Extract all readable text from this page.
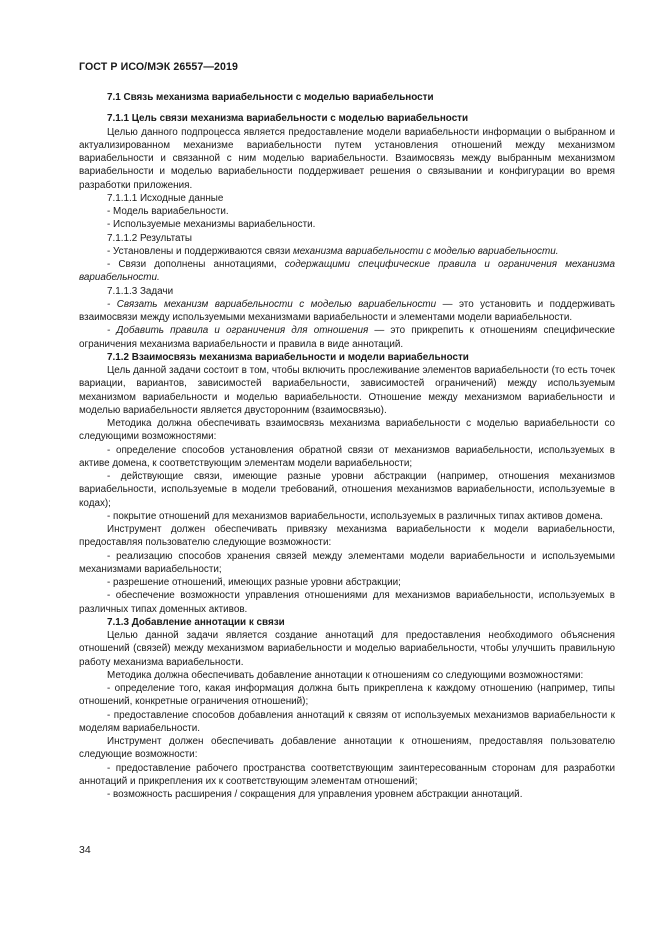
ГОСТ Р ИСО/МЭК 26557—2019

7.1 Связь механизма вариабельности с моделью вариабельности

7.1.1 Цель связи механизма вариабельности с моделью вариабельности

Целью данного подпроцесса является предоставление модели вариабельности информации о выбранном и актуализированном механизме вариабельности путем установления отношений между механизмом вариабельности и связанной с ним моделью вариабельности. Взаимосвязь между выбранным механизмом вариабельности и моделью вариабельности поддерживает решения о связывании и конфигурации во время разработки приложения.

7.1.1.1 Исходные данные

- Модель вариабельности.

- Используемые механизмы вариабельности.

7.1.1.2 Результаты

- Установлены и поддерживаются связи механизма вариабельности с моделью вариабельности.

- Связи дополнены аннотациями, содержащими специфические правила и ограничения механизма вариабельности.

7.1.1.3 Задачи

- Связать механизм вариабельности с моделью вариабельности — это установить и поддерживать взаимосвязи между используемыми механизмами вариабельности и элементами модели вариабельности.

- Добавить правила и ограничения для отношения — это прикрепить к отношениям специфические ограничения механизма вариабельности и правила в виде аннотаций.

7.1.2 Взаимосвязь механизма вариабельности и модели вариабельности

Цель данной задачи состоит в том, чтобы включить прослеживание элементов вариабельности (то есть точек вариации, вариантов, зависимостей вариабельности, зависимостей ограничений) между используемым механизмом вариабельности и моделью вариабельности. Отношение между механизмом вариабельности и моделью вариабельности является двусторонним (взаимосвязью).

Методика должна обеспечивать взаимосвязь механизма вариабельности с моделью вариабельности со следующими возможностями:

- определение способов установления обратной связи от механизмов вариабельности, используемых в активе домена, к соответствующим элементам модели вариабельности;

- действующие связи, имеющие разные уровни абстракции (например, отношения механизмов вариабельности, используемые в модели требований, отношения механизмов вариабельности, используемые в кодах);

- покрытие отношений для механизмов вариабельности, используемых в различных типах активов домена.

Инструмент должен обеспечивать привязку механизма вариабельности к модели вариабельности, предоставляя пользователю следующие возможности:

- реализацию способов хранения связей между элементами модели вариабельности и используемыми механизмами вариабельности;

- разрешение отношений, имеющих разные уровни абстракции;

- обеспечение возможности управления отношениями для механизмов вариабельности, используемых в различных типах доменных активов.

7.1.3 Добавление аннотации к связи

Целью данной задачи является создание аннотаций для предоставления необходимого объяснения отношений (связей) между механизмом вариабельности и моделью вариабельности, чтобы улучшить правильную работу механизма вариабельности.

Методика должна обеспечивать добавление аннотации к отношениям со следующими возможностями:

- определение того, какая информация должна быть прикреплена к каждому отношению (например, типы отношений, конкретные ограничения отношений);

- предоставление способов добавления аннотаций к связям от используемых механизмов вариабельности к моделям вариабельности.

Инструмент должен обеспечивать добавление аннотации к отношениям, предоставляя пользователю следующие возможности:

- предоставление рабочего пространства соответствующим заинтересованным сторонам для разработки аннотаций и прикрепления их к соответствующим элементам отношений;

- возможность расширения / сокращения для управления уровнем абстракции аннотаций.

34
